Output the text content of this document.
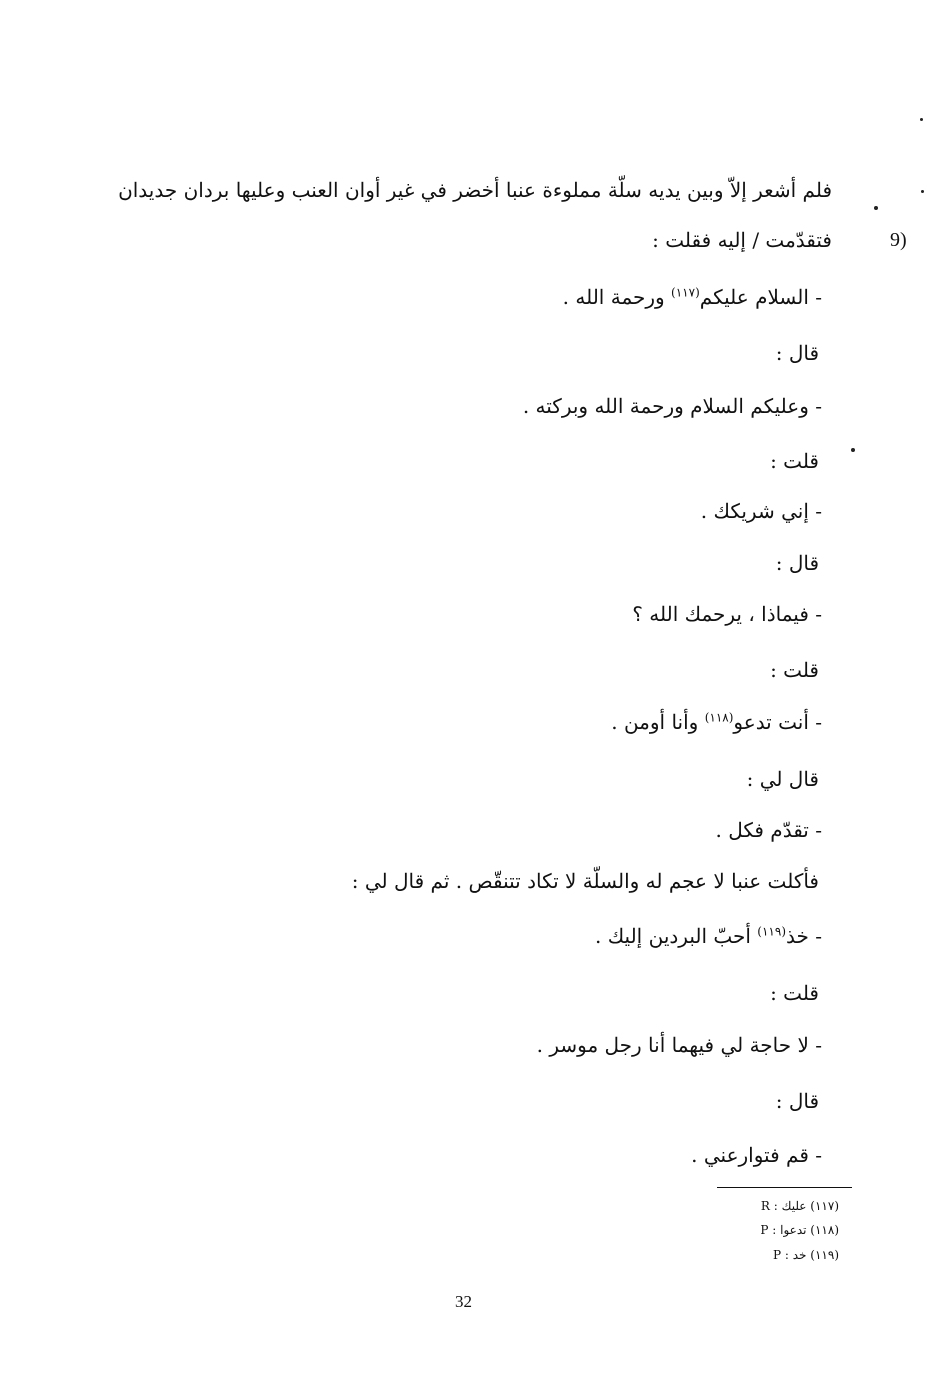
فلم أشعر إلاّ وبين يديه سلّة مملوءة عنبا أخضر في غير أوان العنب وعليها بردان جديدان
9)
فتقدّمت / إليه فقلت :
- السلام عليكم$^{(١١٧)}$ ورحمة الله .
قال :
- وعليكم السلام ورحمة الله وبركته .
قلت :
- إني شريكك .
قال :
- فيماذا ، يرحمك الله ؟
قلت :
- أنت تدعو$^{(١١٨)}$ وأنا أومن .
قال لي :
- تقدّم فكل .
فأكلت عنبا لا عجم له والسلّة لا تكاد تتنقّص . ثم قال لي :
- خذ$^{(١١٩)}$ أحبّ البردين إليك .
قلت :
- لا حاجة لي فيهما أنا رجل موسر .
قال :
- قم فتوارعني .
(١١٧) عليك : R
(١١٨) تدعوا : P
(١١٩) خد : P
32
